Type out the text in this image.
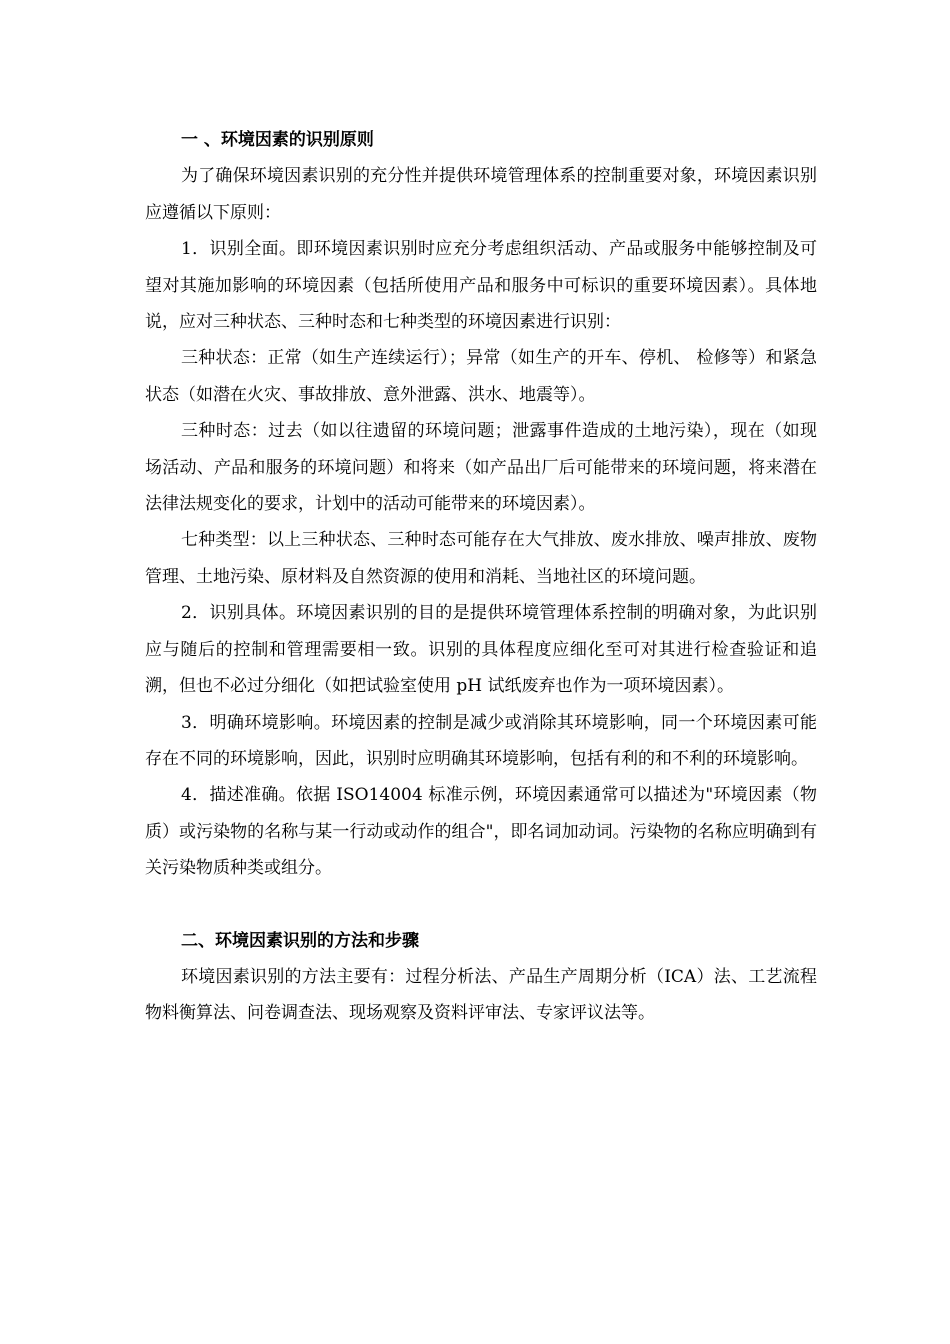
一 、环境因素的识别原则

为了确保环境因素识别的充分性并提供环境管理体系的控制重要对象，环境因素识别应遵循以下原则：

1．识别全面。即环境因素识别时应充分考虑组织活动、产品或服务中能够控制及可望对其施加影响的环境因素（包括所使用产品和服务中可标识的重要环境因素）。具体地说，应对三种状态、三种时态和七种类型的环境因素进行识别：

三种状态：正常（如生产连续运行）；异常（如生产的开车、停机、 检修等）和紧急状态（如潜在火灾、事故排放、意外泄露、洪水、地震等）。

三种时态：过去（如以往遗留的环境问题；泄露事件造成的土地污染），现在（如现场活动、产品和服务的环境问题）和将来（如产品出厂后可能带来的环境问题，将来潜在法律法规变化的要求，计划中的活动可能带来的环境因素）。

七种类型：以上三种状态、三种时态可能存在大气排放、废水排放、噪声排放、废物管理、土地污染、原材料及自然资源的使用和消耗、当地社区的环境问题。

2．识别具体。环境因素识别的目的是提供环境管理体系控制的明确对象，为此识别应与随后的控制和管理需要相一致。识别的具体程度应细化至可对其进行检查验证和追溯，但也不必过分细化（如把试验室使用 pH 试纸废弃也作为一项环境因素）。

3．明确环境影响。环境因素的控制是减少或消除其环境影响，同一个环境因素可能存在不同的环境影响，因此，识别时应明确其环境影响，包括有利的和不利的环境影响。

4．描述准确。依据 ISO14004 标准示例，环境因素通常可以描述为"环境因素（物质）或污染物的名称与某一行动或动作的组合"，即名词加动词。污染物的名称应明确到有关污染物质种类或组分。

二、环境因素识别的方法和步骤

环境因素识别的方法主要有：过程分析法、产品生产周期分析（ICA）法、工艺流程物料衡算法、问卷调查法、现场观察及资料评审法、专家评议法等。
